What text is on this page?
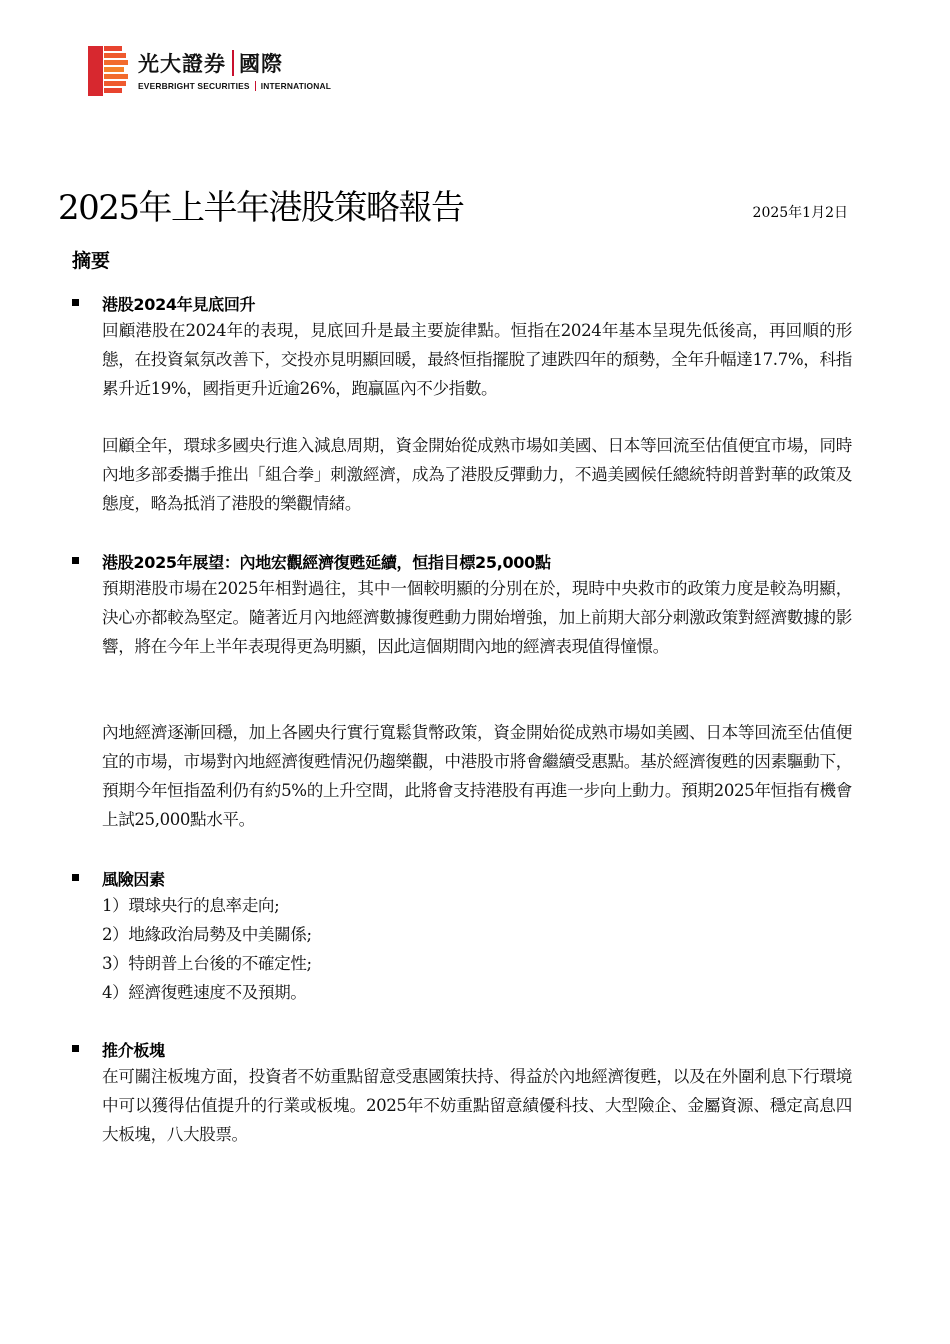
光大證券 國際
EVERBRIGHT SECURITIES INTERNATIONAL
2025年上半年港股策略報告	2025年1月2日
摘要
港股2024年見底回升
回顧港股在2024年的表現，見底回升是最主要旋律點。恒指在2024年基本呈現先低後高，再回順的形態，在投資氣氛改善下，交投亦見明顯回暖，最終恒指擺脫了連跌四年的頹勢，全年升幅達17.7%，科指累升近19%，國指更升近逾26%，跑贏區內不少指數。
回顧全年，環球多國央行進入減息周期，資金開始從成熟市場如美國、日本等回流至估值便宜市場，同時內地多部委攜手推出「組合拳」刺激經濟，成為了港股反彈動力，不過美國候任總統特朗普對華的政策及態度，略為抵消了港股的樂觀情緒。
港股2025年展望：內地宏觀經濟復甦延續，恒指目標25,000點
預期港股市場在2025年相對過往，其中一個較明顯的分別在於，現時中央救市的政策力度是較為明顯，決心亦都較為堅定。隨著近月內地經濟數據復甦動力開始增強，加上前期大部分刺激政策對經濟數據的影響，將在今年上半年表現得更為明顯，因此這個期間內地的經濟表現值得憧憬。
內地經濟逐漸回穩，加上各國央行實行寬鬆貨幣政策，資金開始從成熟市場如美國、日本等回流至估值便宜的市場，市場對內地經濟復甦情況仍趨樂觀，中港股市將會繼續受惠點。基於經濟復甦的因素驅動下，預期今年恒指盈利仍有約5%的上升空間，此將會支持港股有再進一步向上動力。預期2025年恒指有機會上試25,000點水平。
風險因素
1）環球央行的息率走向;
2）地緣政治局勢及中美關係;
3）特朗普上台後的不確定性;
4）經濟復甦速度不及預期。
推介板塊
在可關注板塊方面，投資者不妨重點留意受惠國策扶持、得益於內地經濟復甦，以及在外圍利息下行環境中可以獲得估值提升的行業或板塊。2025年不妨重點留意績優科技、大型險企、金屬資源、穩定高息四大板塊，八大股票。
